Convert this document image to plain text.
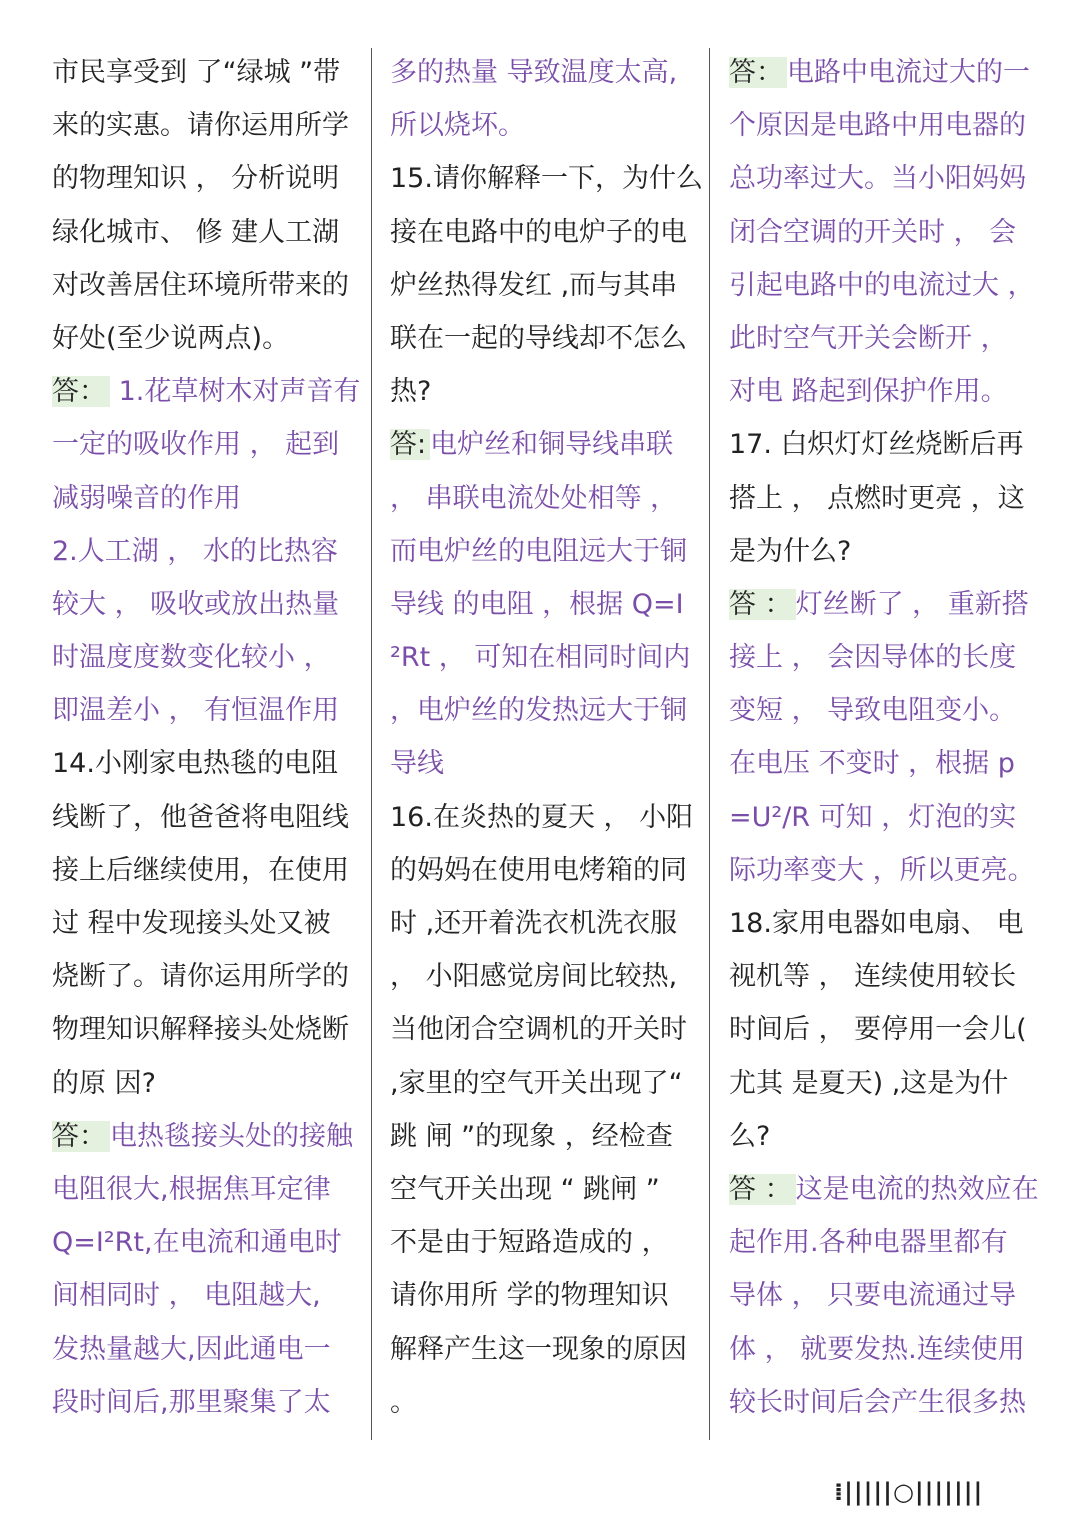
市民享受到 了“绿城 ”带
来的实惠。请你运用所学
的物理知识 ， 分析说明
绿化城市、 修 建人工湖
对改善居住环境所带来的
好处(至少说两点)。
答： 1.花草树木对声音有
一定的吸收作用 ， 起到
减弱噪音的作用
2.人工湖 ， 水的比热容
较大 ， 吸收或放出热量
时温度度数变化较小 ，
即温差小 ， 有恒温作用
14.小刚家电热毯的电阻
线断了，他爸爸将电阻线
接上后继续使用，在使用
过 程中发现接头处又被
烧断了。请你运用所学的
物理知识解释接头处烧断
的原 因?
答： 电热毯接头处的接触
电阻很大,根据焦耳定律
Q=I²Rt,在电流和通电时
间相同时 ， 电阻越大,
发热量越大,因此通电一
段时间后,那里聚集了太
多的热量 导致温度太高,
所以烧坏。
15.请你解释一下，为什么
接在电路中的电炉子的电
炉丝热得发红 ,而与其串
联在一起的导线却不怎么
热?
答: 电炉丝和铜导线串联
， 串联电流处处相等 ，
而电炉丝的电阻远大于铜
导线 的电阻 ，根据 Q=I
²Rt ， 可知在相同时间内
，电炉丝的发热远大于铜
导线
16.在炎热的夏天 ， 小阳
的妈妈在使用电烤箱的同
时 ,还开着洗衣机洗衣服
， 小阳感觉房间比较热,
当他闭合空调机的开关时
,家里的空气开关出现了“
跳 闸 ”的现象 ，经检查
空气开关出现 “ 跳闸 ”
不是由于短路造成的 ，
请你用所 学的物理知识
解释产生这一现象的原因
。
答： 电路中电流过大的一
个原因是电路中用电器的
总功率过大。当小阳妈妈
闭合空调的开关时 ， 会
引起电路中的电流过大 ，
此时空气开关会断开 ，
对电 路起到保护作用。
17. 白炽灯灯丝烧断后再
搭上 ， 点燃时更亮 ，这
是为什么?
答 ： 灯丝断了 ， 重新搭
接上 ， 会因导体的长度
变短 ， 导致电阻变小。
在电压 不变时 ，根据 p
=U²/R 可知 ，灯泡的实
际功率变大 ，所以更亮。
18.家用电器如电扇、 电
视机等 ， 连续使用较长
时间后 ， 要停用一会儿(
尤其 是夏天) ,这是为什
么?
答 ： 这是电流的热效应在
起作用.各种电器里都有
导体 ， 只要电流通过导
体 ， 就要发热.连续使用
较长时间后会产生很多热
⁞|||||○|||||||
